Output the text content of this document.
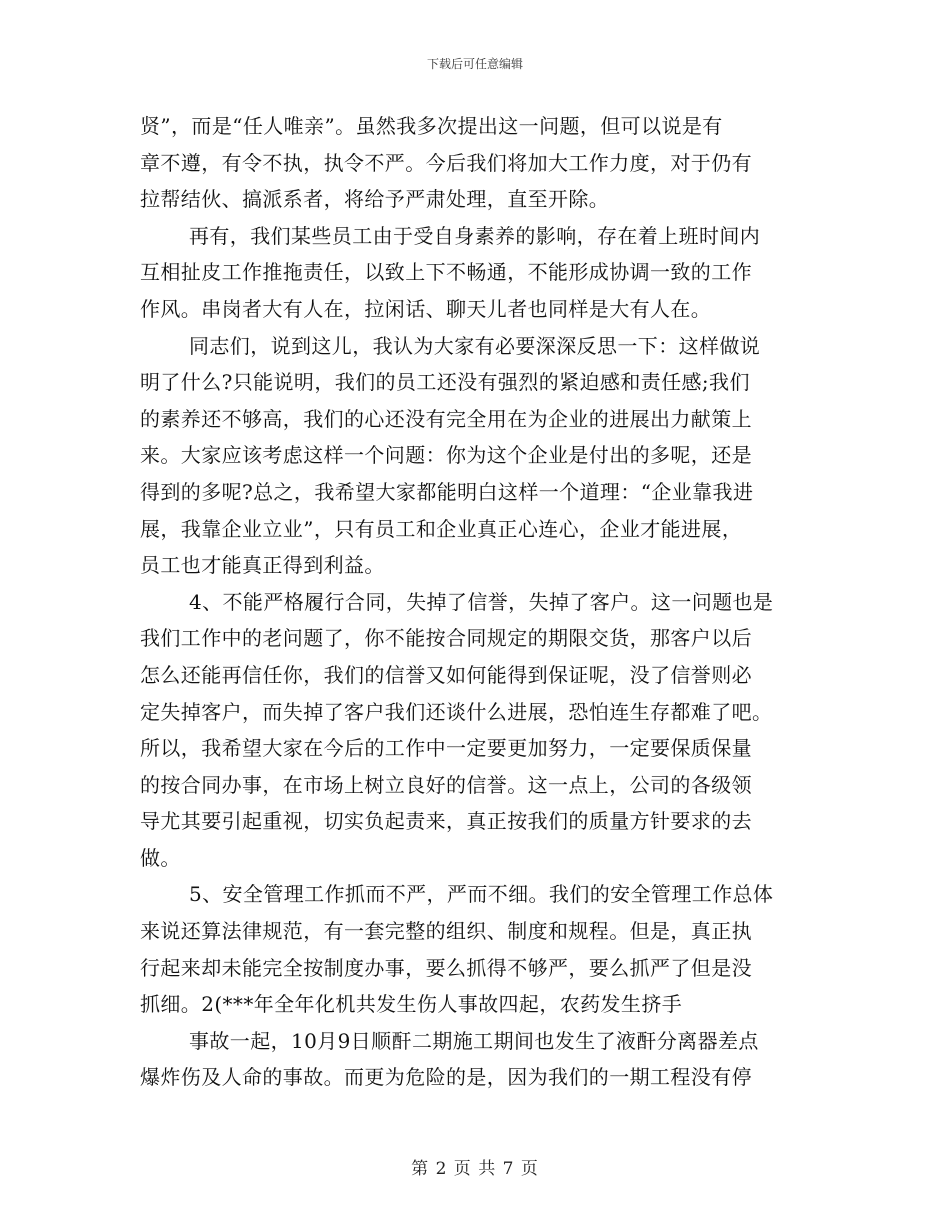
下载后可任意编辑
贤”，而是“任人唯亲”。虽然我多次提出这一问题，但可以说是有
章不遵，有令不执，执令不严。今后我们将加大工作力度，对于仍有
拉帮结伙、搞派系者，将给予严肃处理，直至开除。
再有，我们某些员工由于受自身素养的影响，存在着上班时间内
互相扯皮工作推拖责任，以致上下不畅通，不能形成协调一致的工作
作风。串岗者大有人在，拉闲话、聊天儿者也同样是大有人在。
同志们，说到这儿，我认为大家有必要深深反思一下：这样做说
明了什么?只能说明，我们的员工还没有强烈的紧迫感和责任感;我们
的素养还不够高，我们的心还没有完全用在为企业的进展出力献策上
来。大家应该考虑这样一个问题：你为这个企业是付出的多呢，还是
得到的多呢?总之，我希望大家都能明白这样一个道理：“企业靠我进
展，我靠企业立业”，只有员工和企业真正心连心，企业才能进展，
员工也才能真正得到利益。
4、不能严格履行合同，失掉了信誉，失掉了客户。这一问题也是
我们工作中的老问题了，你不能按合同规定的期限交货，那客户以后
怎么还能再信任你，我们的信誉又如何能得到保证呢，没了信誉则必
定失掉客户，而失掉了客户我们还谈什么进展，恐怕连生存都难了吧。
所以，我希望大家在今后的工作中一定要更加努力，一定要保质保量
的按合同办事，在市场上树立良好的信誉。这一点上，公司的各级领
导尤其要引起重视，切实负起责来，真正按我们的质量方针要求的去
做。
5、安全管理工作抓而不严，严而不细。我们的安全管理工作总体
来说还算法律规范，有一套完整的组织、制度和规程。但是，真正执
行起来却未能完全按制度办事，要么抓得不够严，要么抓严了但是没
抓细。2(***年全年化机共发生伤人事故四起，农药发生挤手
事故一起，10月9日顺酐二期施工期间也发生了液酐分离器差点
爆炸伤及人命的事故。而更为危险的是，因为我们的一期工程没有停
第 2 页 共 7 页
